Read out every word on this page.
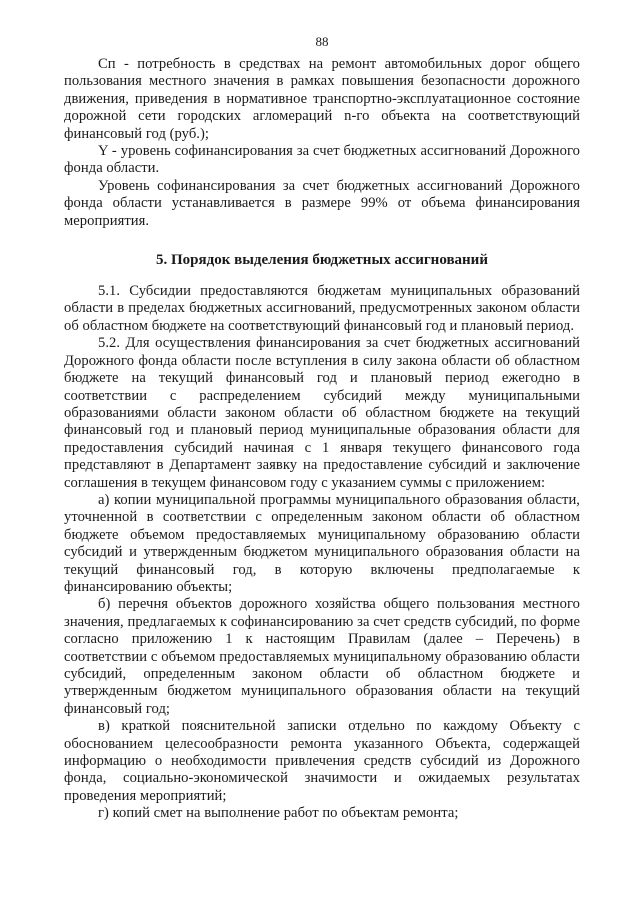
88

Сп - потребность в средствах на ремонт автомобильных дорог общего пользования местного значения в рамках повышения безопасности дорожного движения, приведения в нормативное транспортно-эксплуатационное состояние дорожной сети городских агломераций n-го объекта на соответствующий финансовый год (руб.);

Y - уровень софинансирования за счет бюджетных ассигнований Дорожного фонда области.

Уровень софинансирования за счет бюджетных ассигнований Дорожного фонда области устанавливается в размере 99% от объема финансирования мероприятия.

5. Порядок выделения бюджетных ассигнований

5.1. Субсидии предоставляются бюджетам муниципальных образований области в пределах бюджетных ассигнований, предусмотренных законом области об областном бюджете на соответствующий финансовый год и плановый период.

5.2. Для осуществления финансирования за счет бюджетных ассигнований Дорожного фонда области после вступления в силу закона области об областном бюджете на текущий финансовый год и плановый период ежегодно в соответствии с распределением субсидий между муниципальными образованиями области законом области об областном бюджете на текущий финансовый год и плановый период муниципальные образования области для предоставления субсидий начиная с 1 января текущего финансового года представляют в Департамент заявку на предоставление субсидий и заключение соглашения в текущем финансовом году с указанием суммы с приложением:

а) копии муниципальной программы муниципального образования области, уточненной в соответствии с определенным законом области об областном бюджете объемом предоставляемых муниципальному образованию области субсидий и утвержденным бюджетом муниципального образования области на текущий финансовый год, в которую включены предполагаемые к финансированию объекты;

б) перечня объектов дорожного хозяйства общего пользования местного значения, предлагаемых к софинансированию за счет средств субсидий, по форме согласно приложению 1 к настоящим Правилам (далее – Перечень) в соответствии с объемом предоставляемых муниципальному образованию области субсидий, определенным законом области об областном бюджете и утвержденным бюджетом муниципального образования области на текущий финансовый год;

в) краткой пояснительной записки отдельно по каждому Объекту с обоснованием целесообразности ремонта указанного Объекта, содержащей информацию о необходимости привлечения средств субсидий из Дорожного фонда, социально-экономической значимости и ожидаемых результатах проведения мероприятий;

г) копий смет на выполнение работ по объектам ремонта;
